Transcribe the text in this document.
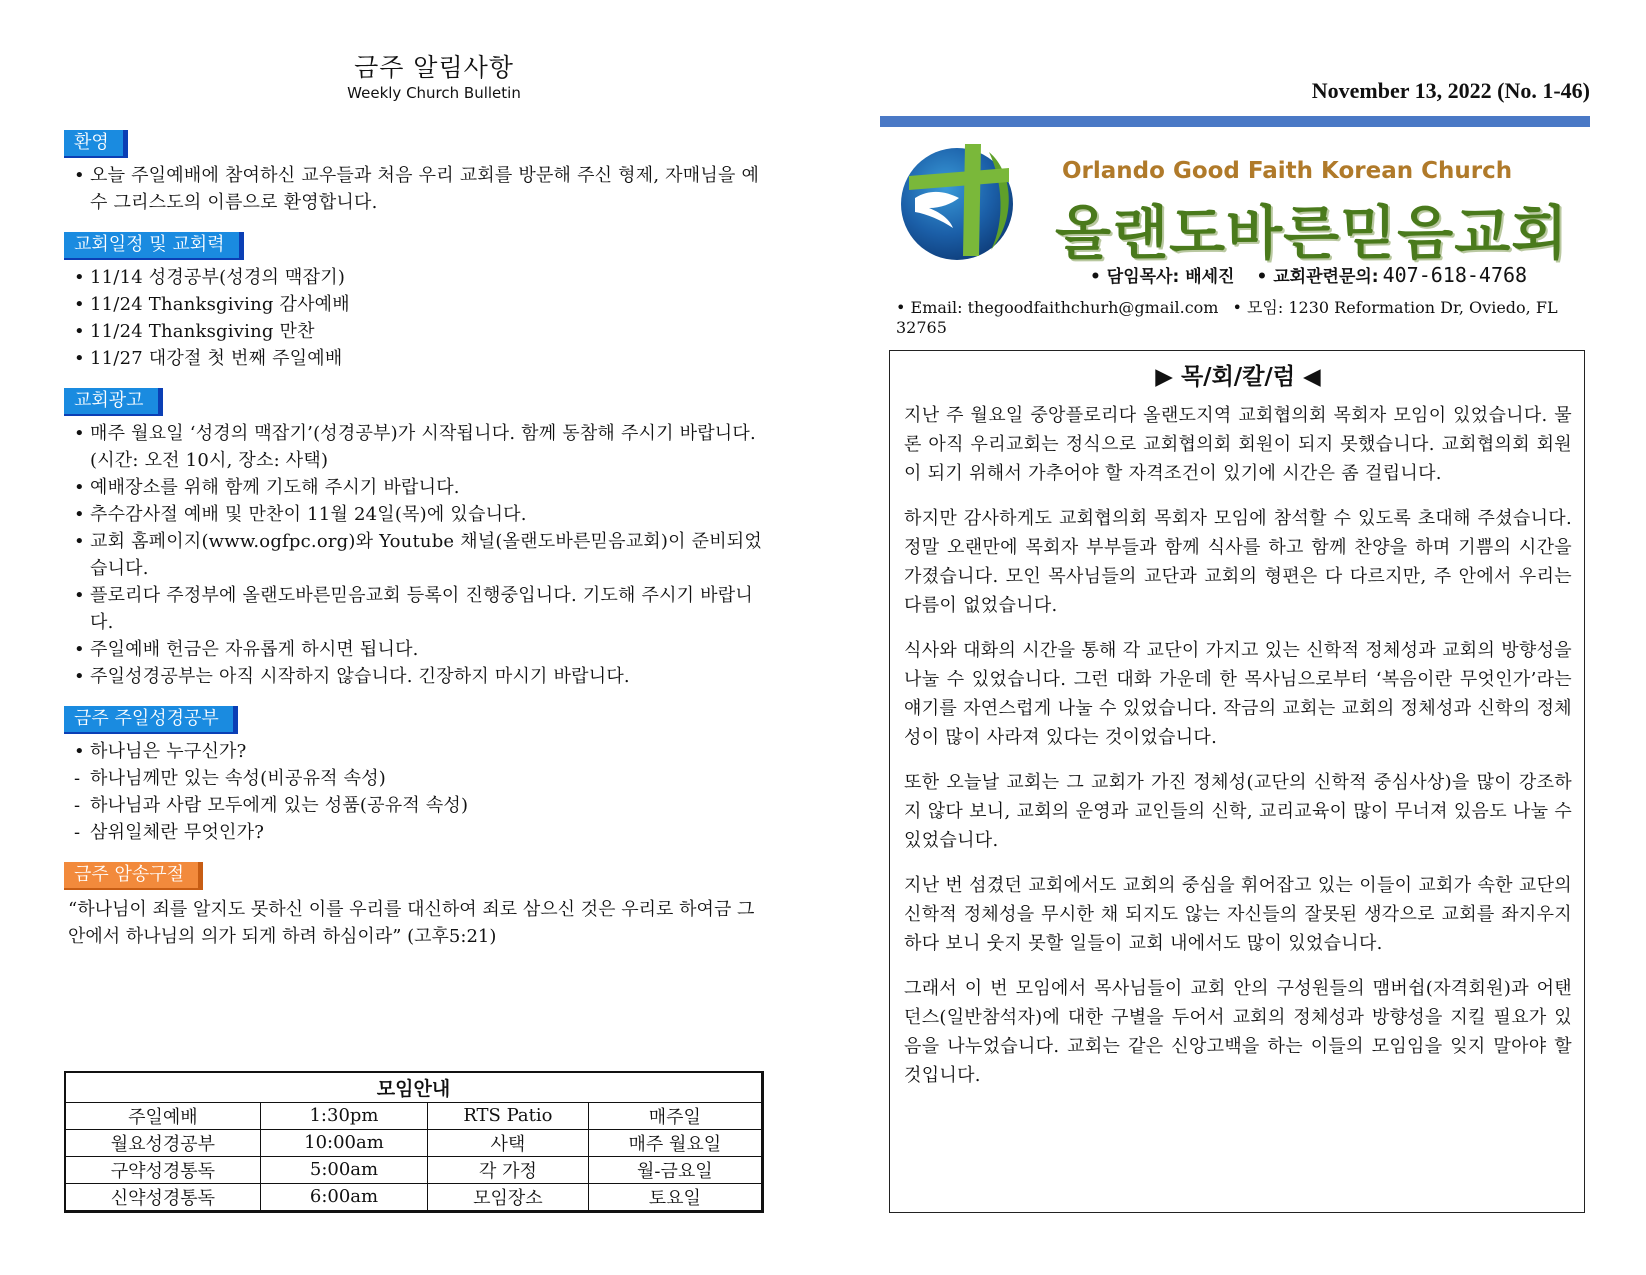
금주 알림사항
Weekly Church Bulletin
환영
• 오늘 주일예배에 참여하신 교우들과 처음 우리 교회를 방문해 주신 형제, 자매님을 예수 그리스도의 이름으로 환영합니다.
교회일정 및 교회력
• 11/14 성경공부(성경의 맥잡기)
• 11/24 Thanksgiving 감사예배
• 11/24 Thanksgiving 만찬
• 11/27 대강절 첫 번째 주일예배
교회광고
• 매주 월요일 ‘성경의 맥잡기’(성경공부)가 시작됩니다. 함께 동참해 주시기 바랍니다. (시간: 오전 10시, 장소: 사택)
• 예배장소를 위해 함께 기도해 주시기 바랍니다.
• 추수감사절 예배 및 만찬이 11월 24일(목)에 있습니다.
• 교회 홈페이지(www.ogfpc.org)와 Youtube 채널(올랜도바른믿음교회)이 준비되었습니다.
• 플로리다 주정부에 올랜도바른믿음교회 등록이 진행중입니다. 기도해 주시기 바랍니다.
• 주일예배 헌금은 자유롭게 하시면 됩니다.
• 주일성경공부는 아직 시작하지 않습니다. 긴장하지 마시기 바랍니다.
금주 주일성경공부
• 하나님은 누구신가?
- 하나님께만 있는 속성(비공유적 속성)
- 하나님과 사람 모두에게 있는 성품(공유적 속성)
- 삼위일체란 무엇인가?
금주 암송구절
“하나님이 죄를 알지도 못하신 이를 우리를 대신하여 죄로 삼으신 것은 우리로 하여금 그 안에서 하나님의 의가 되게 하려 하심이라” (고후5:21)
모임안내			
주일예배	1:30pm	RTS Patio	매주일
월요성경공부	10:00am	사택	매주 월요일
구약성경통독	5:00am	각 가정	월-금요일
신약성경통독	6:00am	모임장소	토요일
November 13, 2022 (No. 1-46)
Orlando Good Faith Korean Church
올랜도바른믿음교회
• 담임목사: 배세진 • 교회관련문의: 407-618-4768
• Email: thegoodfaithchurh@gmail.com • 모임: 1230 Reformation Dr, Oviedo, FL 32765
▶ 목/회/칼/럼 ◀

지난 주 월요일 중앙플로리다 올랜도지역 교회협의회 목회자 모임이 있었습니다. 물론 아직 우리교회는 정식으로 교회협의회 회원이 되지 못했습니다. 교회협의회 회원이 되기 위해서 가추어야 할 자격조건이 있기에 시간은 좀 걸립니다.

하지만 감사하게도 교회협의회 목회자 모임에 참석할 수 있도록 초대해 주셨습니다. 정말 오랜만에 목회자 부부들과 함께 식사를 하고 함께 찬양을 하며 기쁨의 시간을 가졌습니다. 모인 목사님들의 교단과 교회의 형편은 다 다르지만, 주 안에서 우리는 다름이 없었습니다.

식사와 대화의 시간을 통해 각 교단이 가지고 있는 신학적 정체성과 교회의 방향성을 나눌 수 있었습니다. 그런 대화 가운데 한 목사님으로부터 ‘복음이란 무엇인가’라는 얘기를 자연스럽게 나눌 수 있었습니다. 작금의 교회는 교회의 정체성과 신학의 정체성이 많이 사라져 있다는 것이었습니다.

또한 오늘날 교회는 그 교회가 가진 정체성(교단의 신학적 중심사상)을 많이 강조하지 않다 보니, 교회의 운영과 교인들의 신학, 교리교육이 많이 무너져 있음도 나눌 수 있었습니다.

지난 번 섬겼던 교회에서도 교회의 중심을 휘어잡고 있는 이들이 교회가 속한 교단의 신학적 정체성을 무시한 채 되지도 않는 자신들의 잘못된 생각으로 교회를 좌지우지하다 보니 웃지 못할 일들이 교회 내에서도 많이 있었습니다.

그래서 이 번 모임에서 목사님들이 교회 안의 구성원들의 맴버쉽(자격회원)과 어탠던스(일반참석자)에 대한 구별을 두어서 교회의 정체성과 방향성을 지킬 필요가 있음을 나누었습니다. 교회는 같은 신앙고백을 하는 이들의 모임임을 잊지 말아야 할 것입니다.
